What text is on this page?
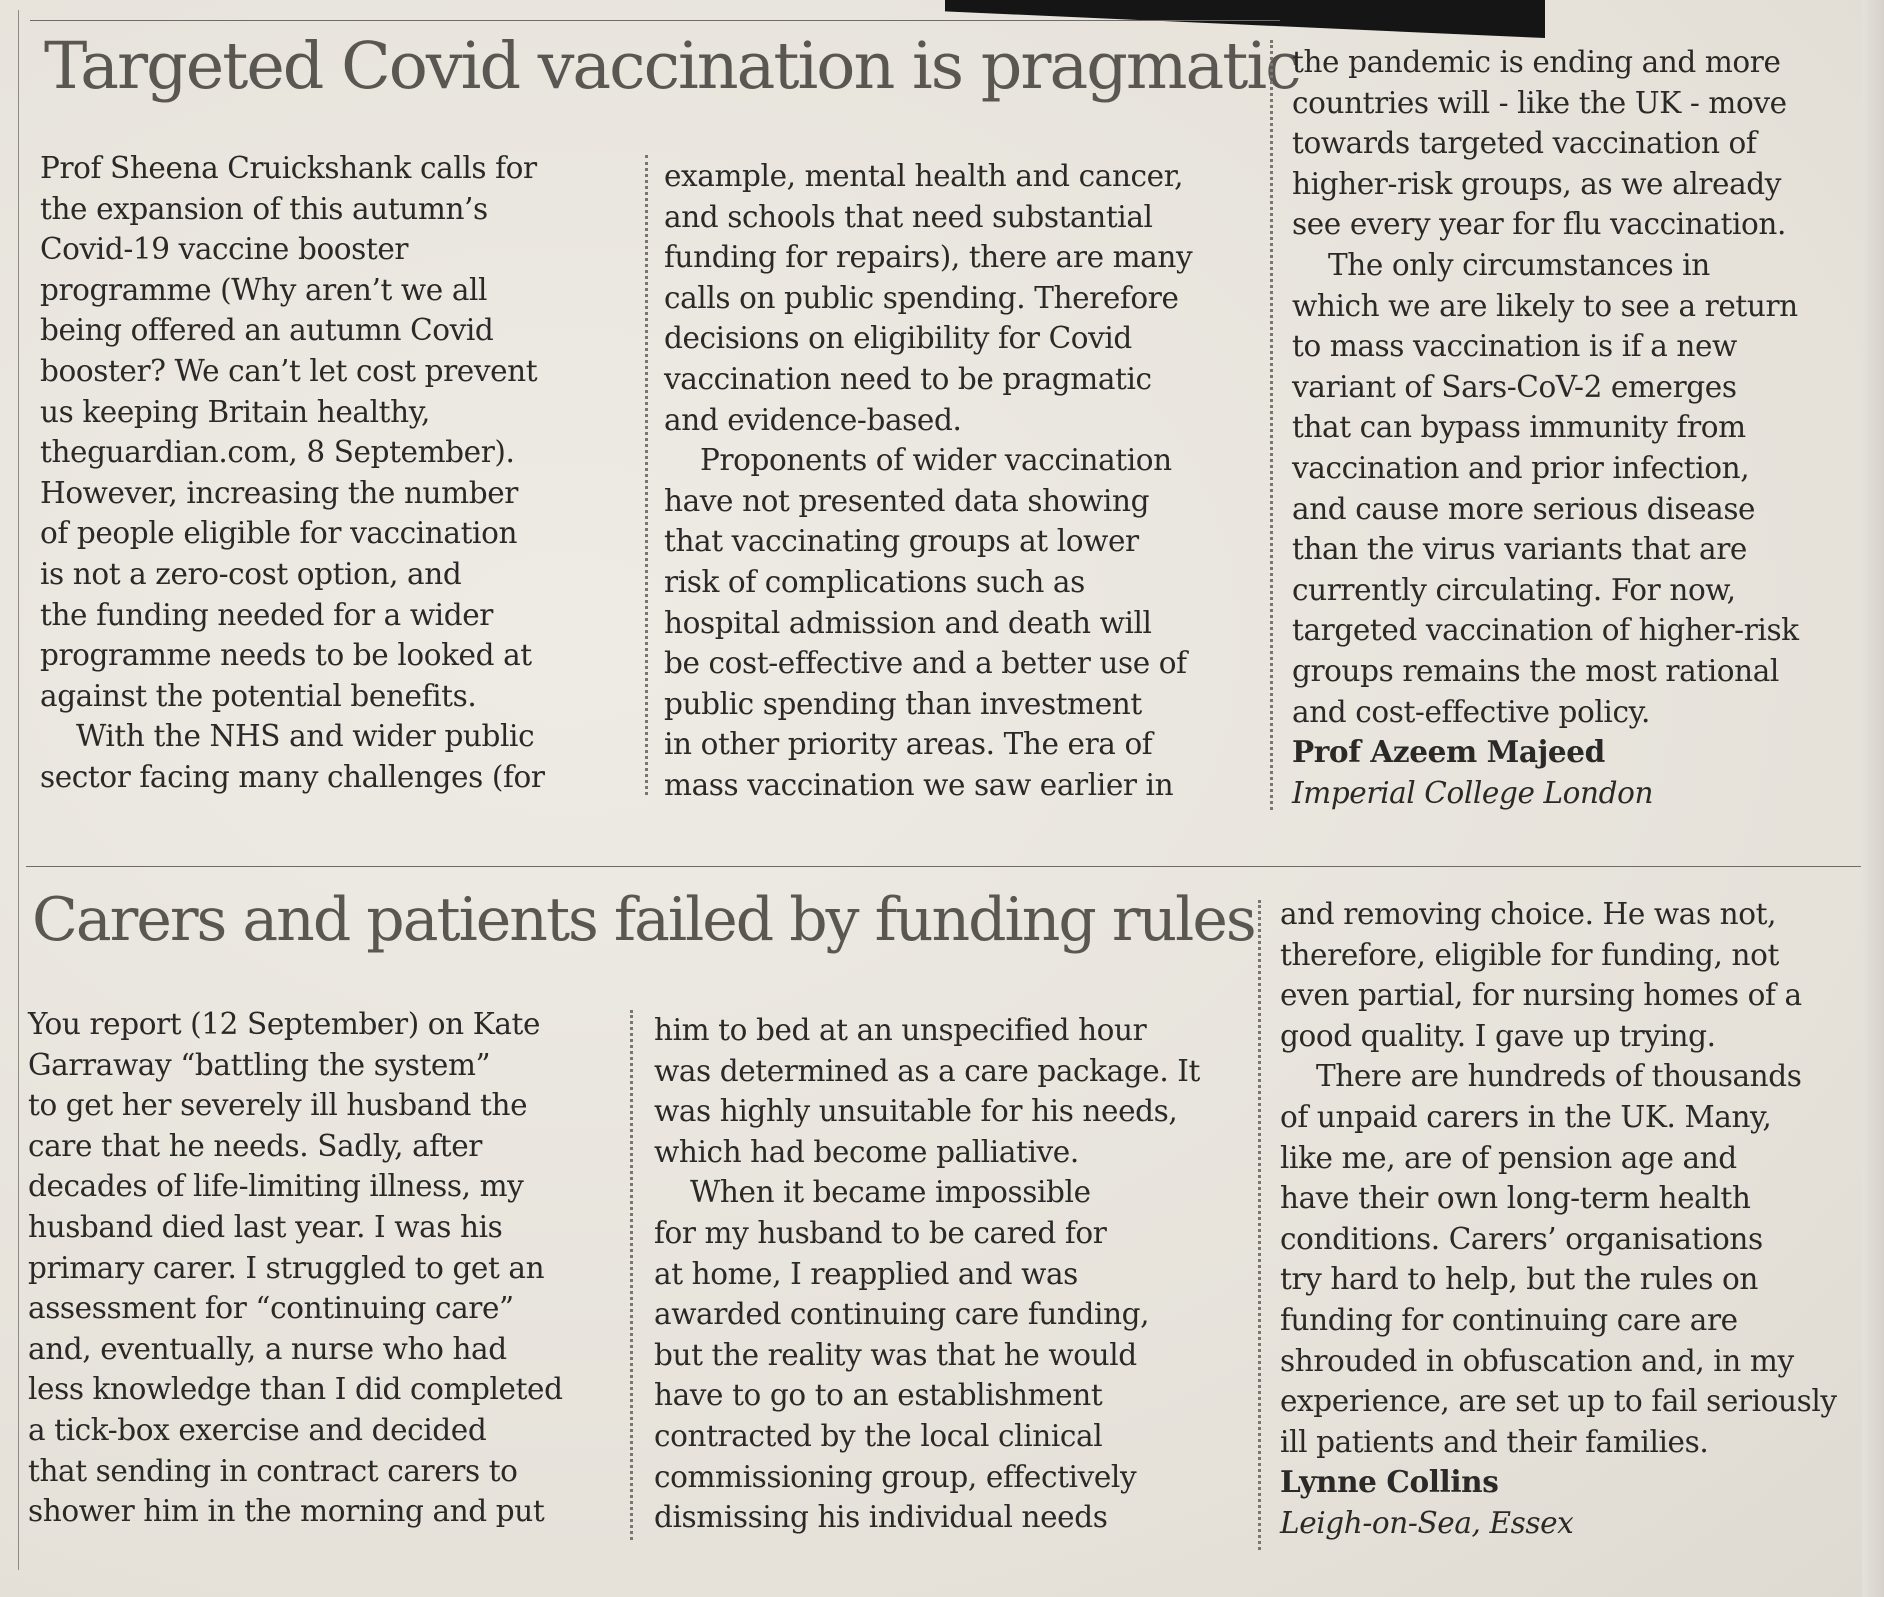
Targeted Covid vaccination is pragmatic

Prof Sheena Cruickshank calls for

the expansion of this autumn’s

Covid-19 vaccine booster

programme (Why aren’t we all

being offered an autumn Covid

booster? We can’t let cost prevent

us keeping Britain healthy,

theguardian.com, 8 September).

However, increasing the number

of people eligible for vaccination

is not a zero-cost option, and

the funding needed for a wider

programme needs to be looked at

against the potential benefits.

With the NHS and wider public

sector facing many challenges (for

example, mental health and cancer,

and schools that need substantial

funding for repairs), there are many

calls on public spending. Therefore

decisions on eligibility for Covid

vaccination need to be pragmatic

and evidence-based.

Proponents of wider vaccination

have not presented data showing

that vaccinating groups at lower

risk of complications such as

hospital admission and death will

be cost-effective and a better use of

public spending than investment

in other priority areas. The era of

mass vaccination we saw earlier in

the pandemic is ending and more

countries will - like the UK - move

towards targeted vaccination of

higher-risk groups, as we already

see every year for flu vaccination.

The only circumstances in

which we are likely to see a return

to mass vaccination is if a new

variant of Sars-CoV-2 emerges

that can bypass immunity from

vaccination and prior infection,

and cause more serious disease

than the virus variants that are

currently circulating. For now,

targeted vaccination of higher-risk

groups remains the most rational

and cost-effective policy.

Prof Azeem Majeed

Imperial College London

Carers and patients failed by funding rules

You report (12 September) on Kate

Garraway “battling the system”

to get her severely ill husband the

care that he needs. Sadly, after

decades of life-limiting illness, my

husband died last year. I was his

primary carer. I struggled to get an

assessment for “continuing care”

and, eventually, a nurse who had

less knowledge than I did completed

a tick-box exercise and decided

that sending in contract carers to

shower him in the morning and put

him to bed at an unspecified hour

was determined as a care package. It

was highly unsuitable for his needs,

which had become palliative.

When it became impossible

for my husband to be cared for

at home, I reapplied and was

awarded continuing care funding,

but the reality was that he would

have to go to an establishment

contracted by the local clinical

commissioning group, effectively

dismissing his individual needs

and removing choice. He was not,

therefore, eligible for funding, not

even partial, for nursing homes of a

good quality. I gave up trying.

There are hundreds of thousands

of unpaid carers in the UK. Many,

like me, are of pension age and

have their own long-term health

conditions. Carers’ organisations

try hard to help, but the rules on

funding for continuing care are

shrouded in obfuscation and, in my

experience, are set up to fail seriously

ill patients and their families.

Lynne Collins

Leigh-on-Sea, Essex
